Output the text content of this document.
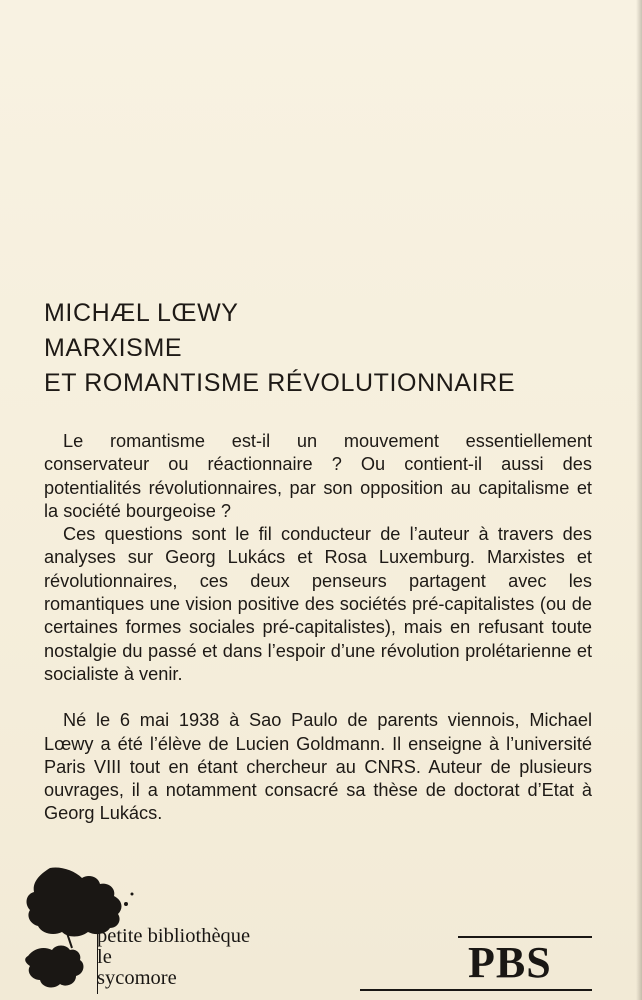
MICHÆL LŒWY
MARXISME
ET ROMANTISME RÉVOLUTIONNAIRE

Le romantisme est-il un mouvement essentiellement conservateur ou réactionnaire ? Ou contient-il aussi des potentialités révolutionnaires, par son opposition au capitalisme et la société bourgeoise ?

Ces questions sont le fil conducteur de l’auteur à travers des analyses sur Georg Lukács et Rosa Luxemburg. Marxistes et révolutionnaires, ces deux penseurs partagent avec les romantiques une vision positive des sociétés pré-capitalistes (ou de certaines formes sociales pré-capitalistes), mais en refusant toute nostalgie du passé et dans l’espoir d’une révolution prolétarienne et socialiste à venir.

Né le 6 mai 1938 à Sao Paulo de parents viennois, Michael Lœwy a été l’élève de Lucien Goldmann. Il enseigne à l’université Paris VIII tout en étant chercheur au CNRS. Auteur de plusieurs ouvrages, il a notamment consacré sa thèse de doctorat d’Etat à Georg Lukács.

petite bibliothèque
le
sycomore	PBS
